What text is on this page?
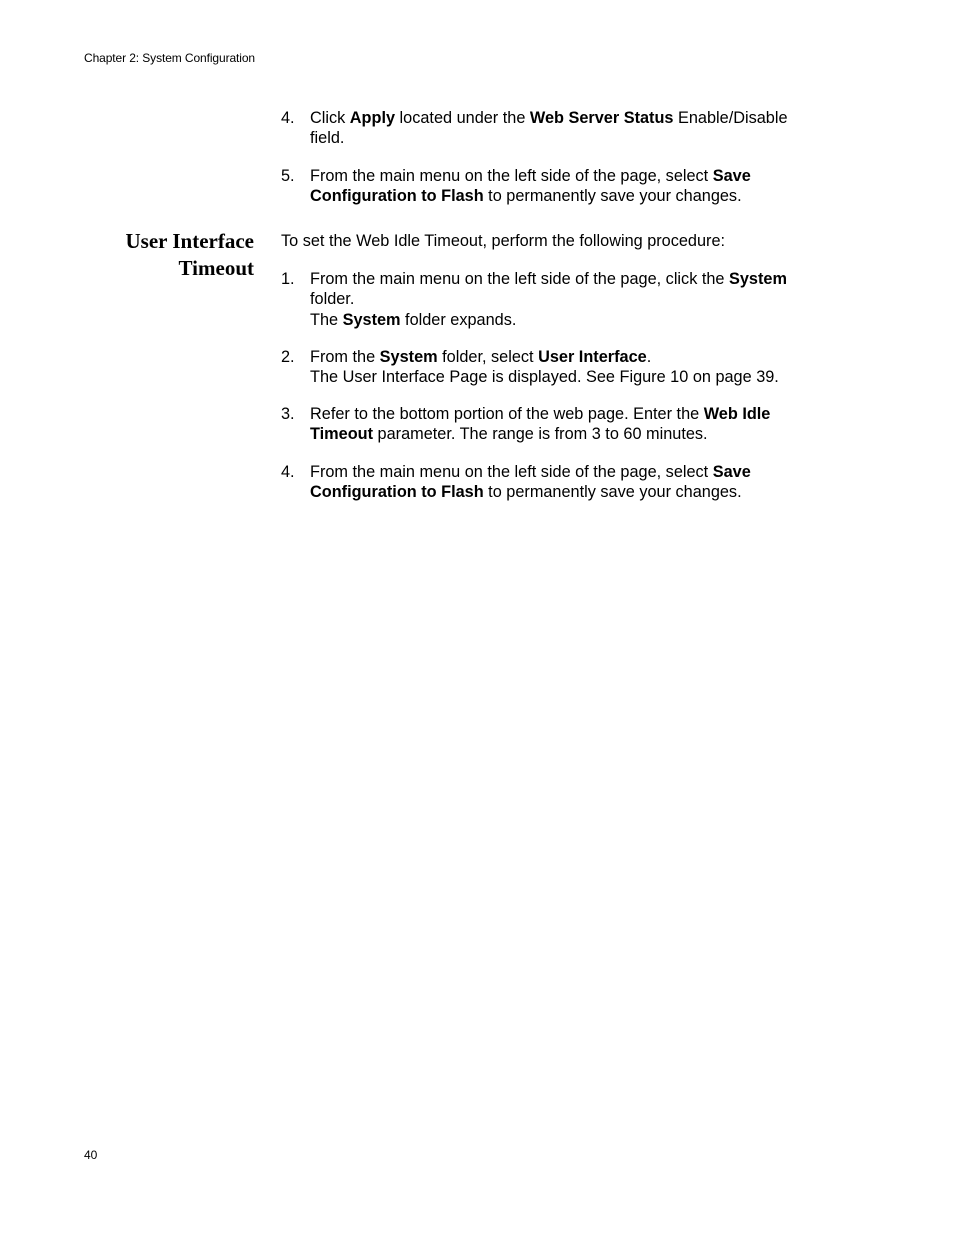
Chapter 2: System Configuration
4. Click Apply located under the Web Server Status Enable/Disable field.
5. From the main menu on the left side of the page, select Save Configuration to Flash to permanently save your changes.
User Interface
Timeout
To set the Web Idle Timeout, perform the following procedure:
1. From the main menu on the left side of the page, click the System folder.
The System folder expands.
2. From the System folder, select User Interface.
The User Interface Page is displayed. See Figure 10 on page 39.
3. Refer to the bottom portion of the web page. Enter the Web Idle Timeout parameter. The range is from 3 to 60 minutes.
4. From the main menu on the left side of the page, select Save Configuration to Flash to permanently save your changes.
40
